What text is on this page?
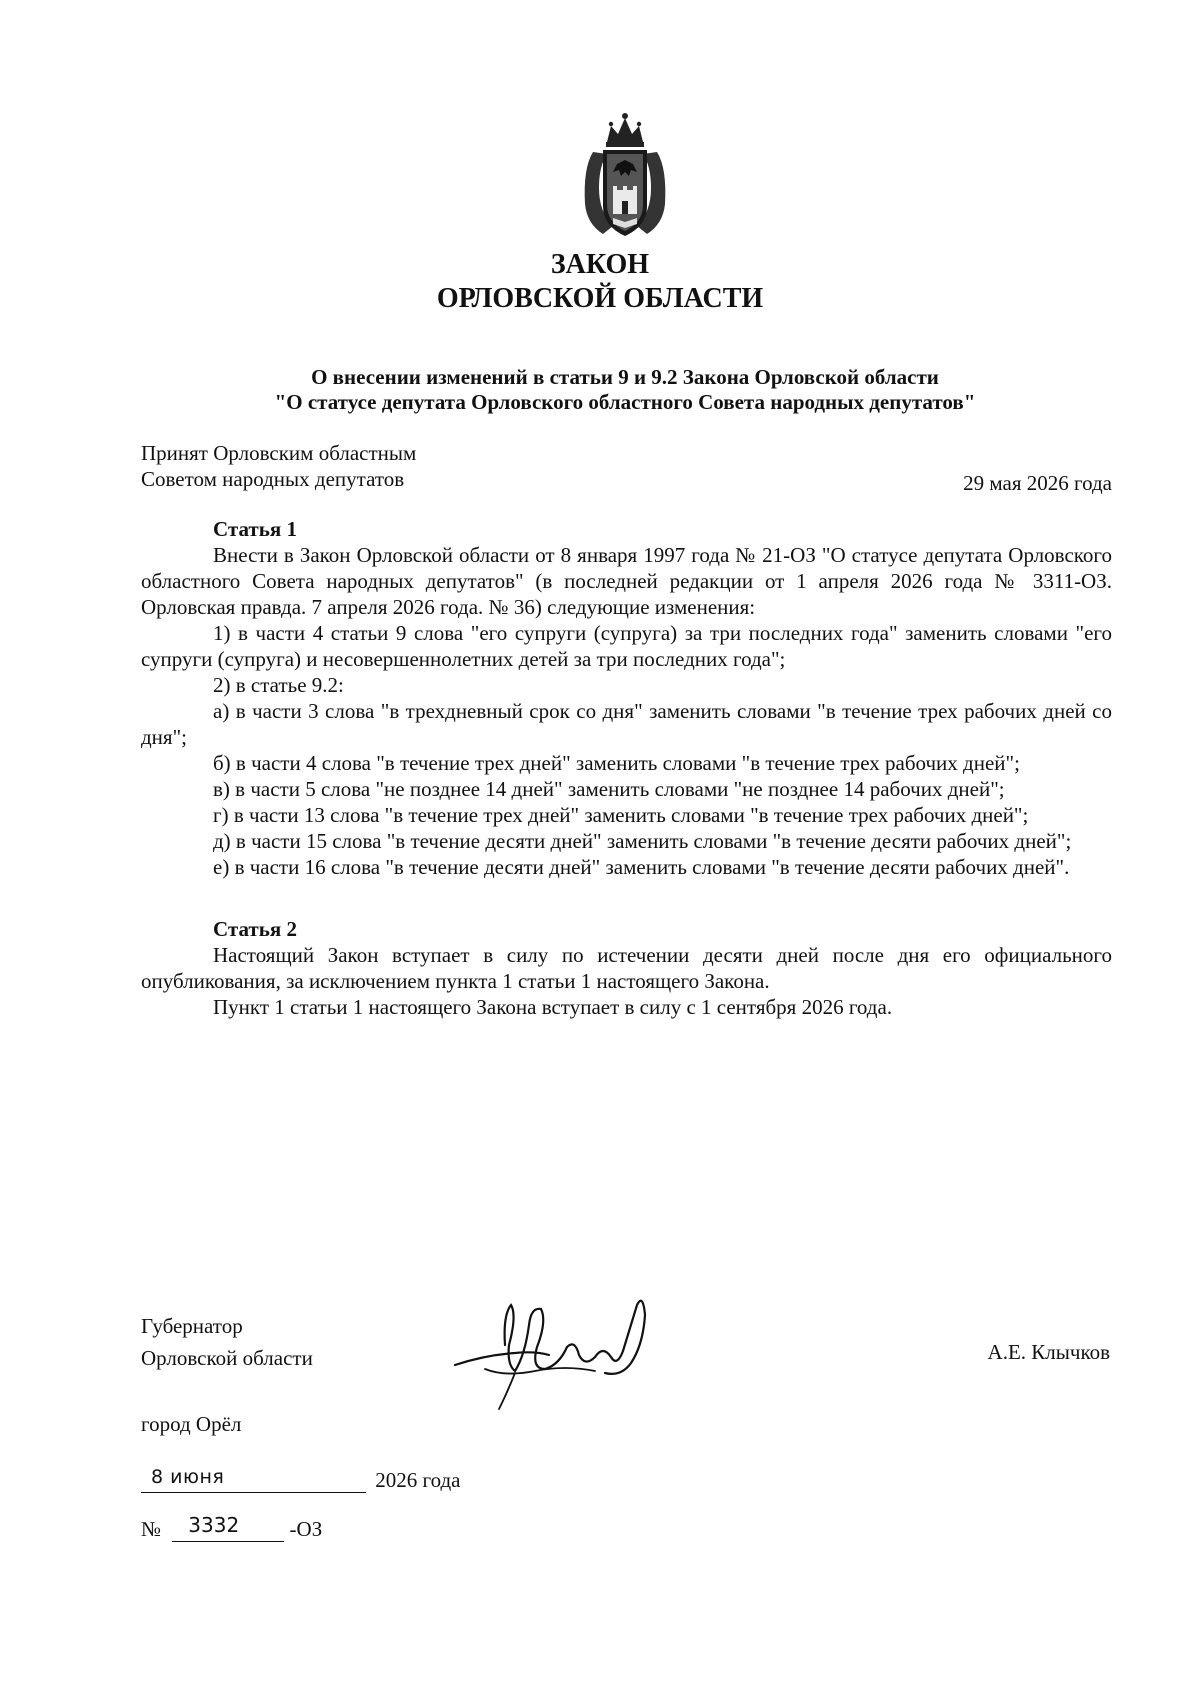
ЗАКОН
ОРЛОВСКОЙ ОБЛАСТИ
О внесении изменений в статьи 9 и 9.2 Закона Орловской области
"О статусе депутата Орловского областного Совета народных депутатов"
Принят Орловским областным
Советом народных депутатов	29 мая 2026 года

Статья 1

Внести в Закон Орловской области от 8 января 1997 года № 21-ОЗ "О статусе депутата Орловского областного Совета народных депутатов" (в последней редакции от 1 апреля 2026 года № 3311-ОЗ. Орловская правда. 7 апреля 2026 года. № 36) следующие изменения:

1) в части 4 статьи 9 слова "его супруги (супруга) за три последних года" заменить словами "его супруги (супруга) и несовершеннолетних детей за три последних года";

2) в статье 9.2:

а) в части 3 слова "в трехдневный срок со дня" заменить словами "в течение трех рабочих дней со дня";

б) в части 4 слова "в течение трех дней" заменить словами "в течение трех рабочих дней";

в) в части 5 слова "не позднее 14 дней" заменить словами "не позднее 14 рабочих дней";

г) в части 13 слова "в течение трех дней" заменить словами "в течение трех рабочих дней";

д) в части 15 слова "в течение десяти дней" заменить словами "в течение десяти рабочих дней";

е) в части 16 слова "в течение десяти дней" заменить словами "в течение десяти рабочих дней".

Статья 2

Настоящий Закон вступает в силу по истечении десяти дней после дня его официального опубликования, за исключением пункта 1 статьи 1 настоящего Закона.

Пункт 1 статьи 1 настоящего Закона вступает в силу с 1 сентября 2026 года.

Губернатор
Орловской области	А.Е. Клычков
город Орёл
8 июня	2026 года
№ 3332 -ОЗ
